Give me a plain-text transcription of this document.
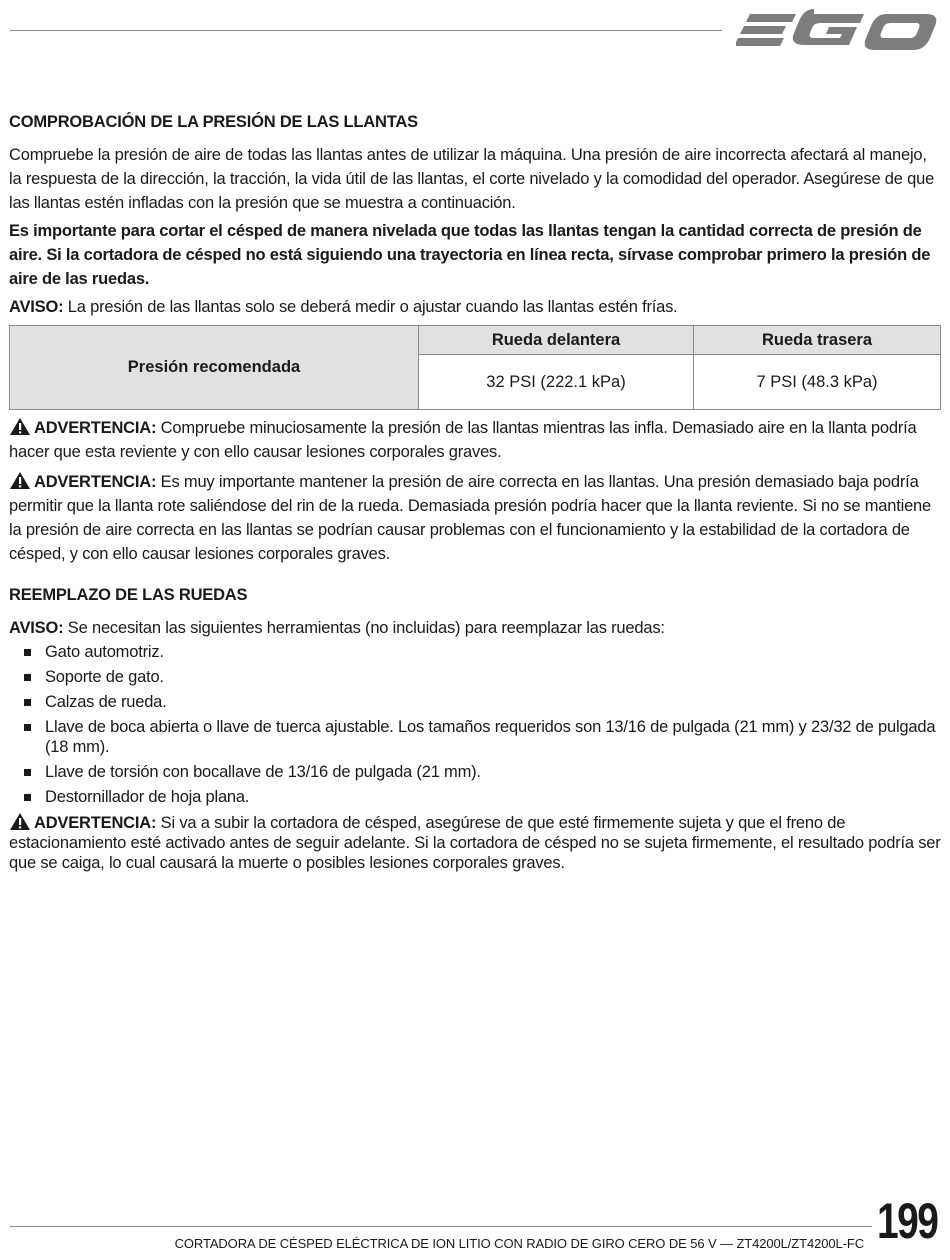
COMPROBACIÓN DE LA PRESIÓN DE LAS LLANTAS

Compruebe la presión de aire de todas las llantas antes de utilizar la máquina. Una presión de aire incorrecta afectará al manejo, la respuesta de la dirección, la tracción, la vida útil de las llantas, el corte nivelado y la comodidad del operador. Asegúrese de que las llantas estén infladas con la presión que se muestra a continuación.

Es importante para cortar el césped de manera nivelada que todas las llantas tengan la cantidad correcta de presión de aire. Si la cortadora de césped no está siguiendo una trayectoria en línea recta, sírvase comprobar primero la presión de aire de las ruedas.

AVISO: La presión de las llantas solo se deberá medir o ajustar cuando las llantas estén frías.

Presión recomendada	Rueda delantera	Rueda trasera
	32 PSI (222.1 kPa)	7 PSI (48.3 kPa)

ADVERTENCIA: Compruebe minuciosamente la presión de las llantas mientras las infla. Demasiado aire en la llanta podría hacer que esta reviente y con ello causar lesiones corporales graves.

ADVERTENCIA: Es muy importante mantener la presión de aire correcta en las llantas. Una presión demasiado baja podría permitir que la llanta rote saliéndose del rin de la rueda. Demasiada presión podría hacer que la llanta reviente. Si no se mantiene la presión de aire correcta en las llantas se podrían causar problemas con el funcionamiento y la estabilidad de la cortadora de césped, y con ello causar lesiones corporales graves.

REEMPLAZO DE LAS RUEDAS

AVISO: Se necesitan las siguientes herramientas (no incluidas) para reemplazar las ruedas:

Gato automotriz.
Soporte de gato.
Calzas de rueda.
Llave de boca abierta o llave de tuerca ajustable. Los tamaños requeridos son 13/16 de pulgada (21 mm) y 23/32 de pulgada (18 mm).
Llave de torsión con bocallave de 13/16 de pulgada (21 mm).
Destornillador de hoja plana.

ADVERTENCIA: Si va a subir la cortadora de césped, asegúrese de que esté firmemente sujeta y que el freno de estacionamiento esté activado antes de seguir adelante. Si la cortadora de césped no se sujeta firmemente, el resultado podría ser que se caiga, lo cual causará la muerte o posibles lesiones corporales graves.

CORTADORA DE CÉSPED ELÉCTRICA DE ION LITIO CON RADIO DE GIRO CERO DE 56 V — ZT4200L/ZT4200L-FC 199
